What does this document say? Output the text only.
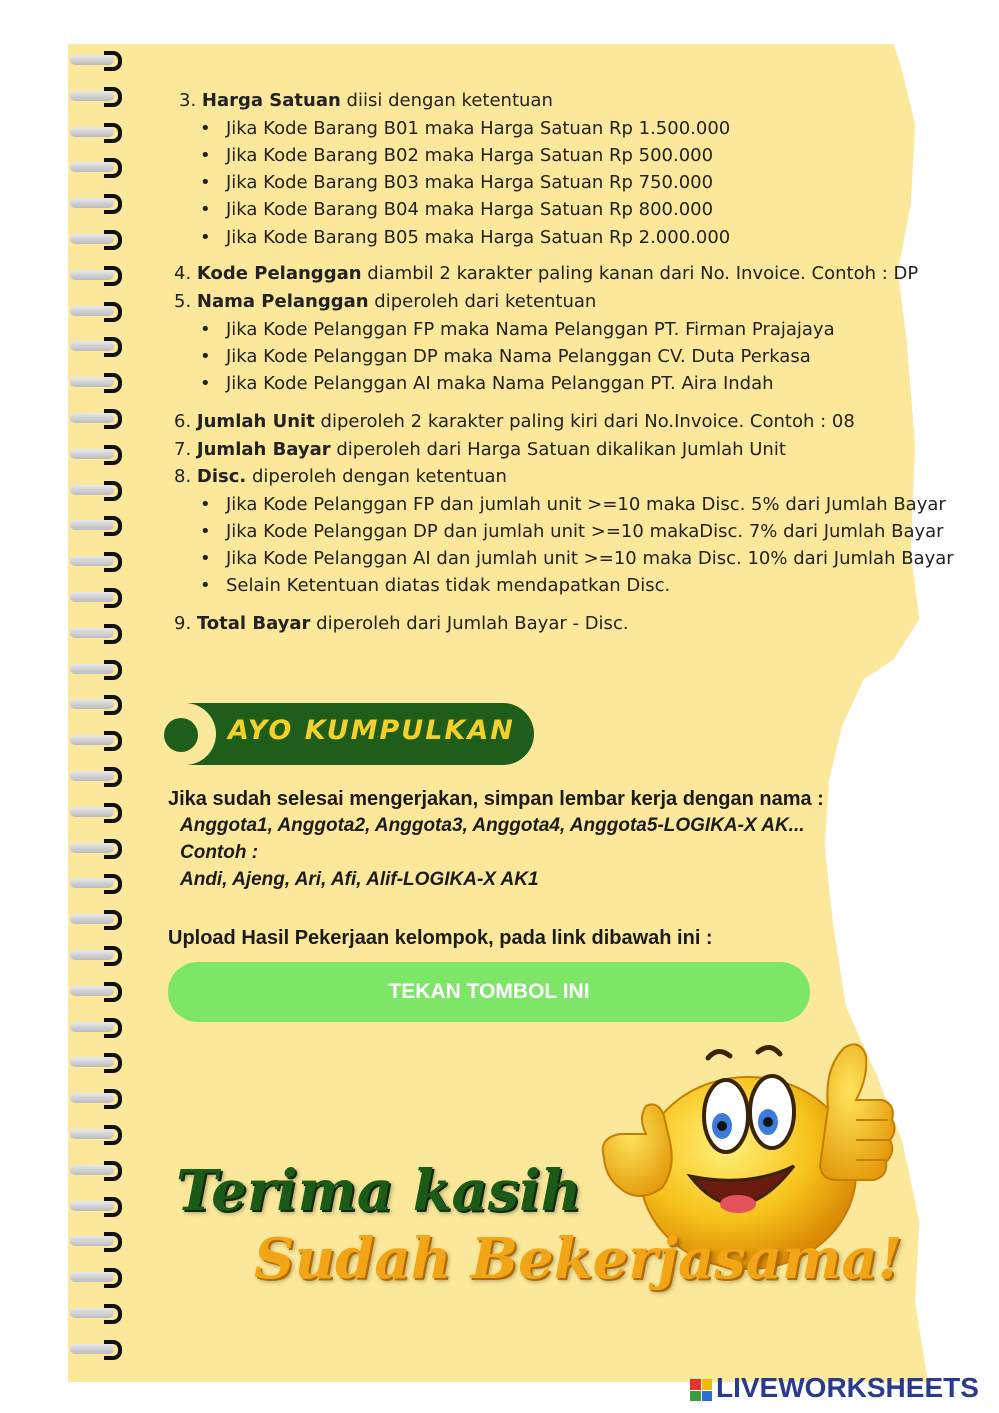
3. Harga Satuan diisi dengan ketentuan
• Jika Kode Barang B01 maka Harga Satuan Rp 1.500.000
• Jika Kode Barang B02 maka Harga Satuan Rp 500.000
• Jika Kode Barang B03 maka Harga Satuan Rp 750.000
• Jika Kode Barang B04 maka Harga Satuan Rp 800.000
• Jika Kode Barang B05 maka Harga Satuan Rp 2.000.000
4. Kode Pelanggan diambil 2 karakter paling kanan dari No. Invoice. Contoh : DP
5. Nama Pelanggan diperoleh dari ketentuan
• Jika Kode Pelanggan FP maka Nama Pelanggan PT. Firman Prajajaya
• Jika Kode Pelanggan DP maka Nama Pelanggan CV. Duta Perkasa
• Jika Kode Pelanggan AI maka Nama Pelanggan PT. Aira Indah
6. Jumlah Unit diperoleh 2 karakter paling kiri dari No.Invoice. Contoh : 08
7. Jumlah Bayar diperoleh dari Harga Satuan dikalikan Jumlah Unit
8. Disc. diperoleh dengan ketentuan
• Jika Kode Pelanggan FP dan jumlah unit >=10 maka Disc. 5% dari Jumlah Bayar
• Jika Kode Pelanggan DP dan jumlah unit >=10 makaDisc. 7% dari Jumlah Bayar
• Jika Kode Pelanggan AI dan jumlah unit >=10 maka Disc. 10% dari Jumlah Bayar
• Selain Ketentuan diatas tidak mendapatkan Disc.
9. Total Bayar diperoleh dari Jumlah Bayar - Disc.
AYO KUMPULKAN
Jika sudah selesai mengerjakan, simpan lembar kerja dengan nama :
Anggota1, Anggota2, Anggota3, Anggota4, Anggota5-LOGIKA-X AK...
Contoh :
Andi, Ajeng, Ari, Afi, Alif-LOGIKA-X AK1
Upload Hasil Pekerjaan kelompok, pada link dibawah ini :
TEKAN TOMBOL INI
Terima kasih
Sudah Bekerjasama!
LIVEWORKSHEETS
